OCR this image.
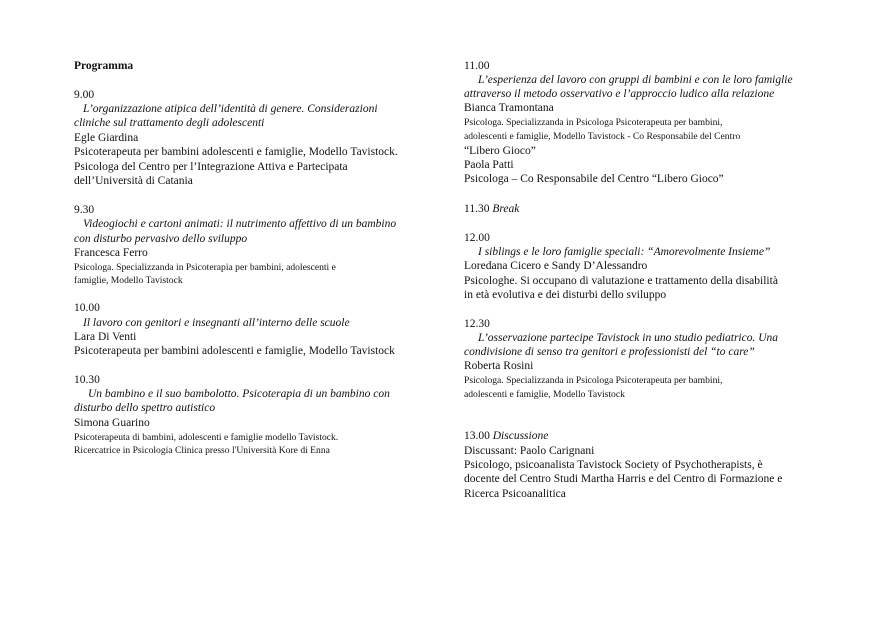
Programma
9.00
L’organizzazione atipica dell’identità di genere. Considerazioni
cliniche sul trattamento degli adolescenti
Egle Giardina
Psicoterapeuta per bambini adolescenti e famiglie, Modello Tavistock.
Psicologa del Centro per l’Integrazione Attiva e Partecipata
dell’Università di Catania
9.30
Videogiochi e cartoni animati: il nutrimento affettivo di un bambino
con disturbo pervasivo dello sviluppo
Francesca Ferro
Psicologa. Specializzanda in Psicoterapia per bambini, adolescenti e
famiglie, Modello Tavistock
10.00
Il lavoro con genitori e insegnanti all’interno delle scuole
Lara Di Venti
Psicoterapeuta per bambini adolescenti e famiglie, Modello Tavistock
10.30
Un bambino e il suo bambolotto. Psicoterapia di un bambino con
disturbo dello spettro autistico
Simona Guarino
Psicoterapeuta di bambini, adolescenti e famiglie modello Tavistock.
Ricercatrice in Psicologia Clinica presso l'Università Kore di Enna
11.00
L’esperienza del lavoro con gruppi di bambini e con le loro famiglie
attraverso il metodo osservativo e l’approccio ludico alla relazione
Bianca Tramontana
Psicologa. Specializzanda in Psicologa Psicoterapeuta per bambini,
adolescenti e famiglie, Modello Tavistock - Co Responsabile del Centro
“Libero Gioco”
Paola Patti
Psicologa – Co Responsabile del Centro “Libero Gioco”
11.30 Break
12.00
I siblings e le loro famiglie speciali: “Amorevolmente Insieme”
Loredana Cicero e Sandy D’Alessandro
Psicologhe. Si occupano di valutazione e trattamento della disabilità
in età evolutiva e dei disturbi dello sviluppo
12.30
L’osservazione partecipe Tavistock in uno studio pediatrico. Una
condivisione di senso tra genitori e professionisti del “to care”
Roberta Rosini
Psicologa. Specializzanda in Psicologa Psicoterapeuta per bambini,
adolescenti e famiglie, Modello Tavistock
13.00 Discussione
Discussant: Paolo Carignani
Psicologo, psicoanalista Tavistock Society of Psychotherapists, è
docente del Centro Studi Martha Harris e del Centro di Formazione e
Ricerca Psicoanalitica
